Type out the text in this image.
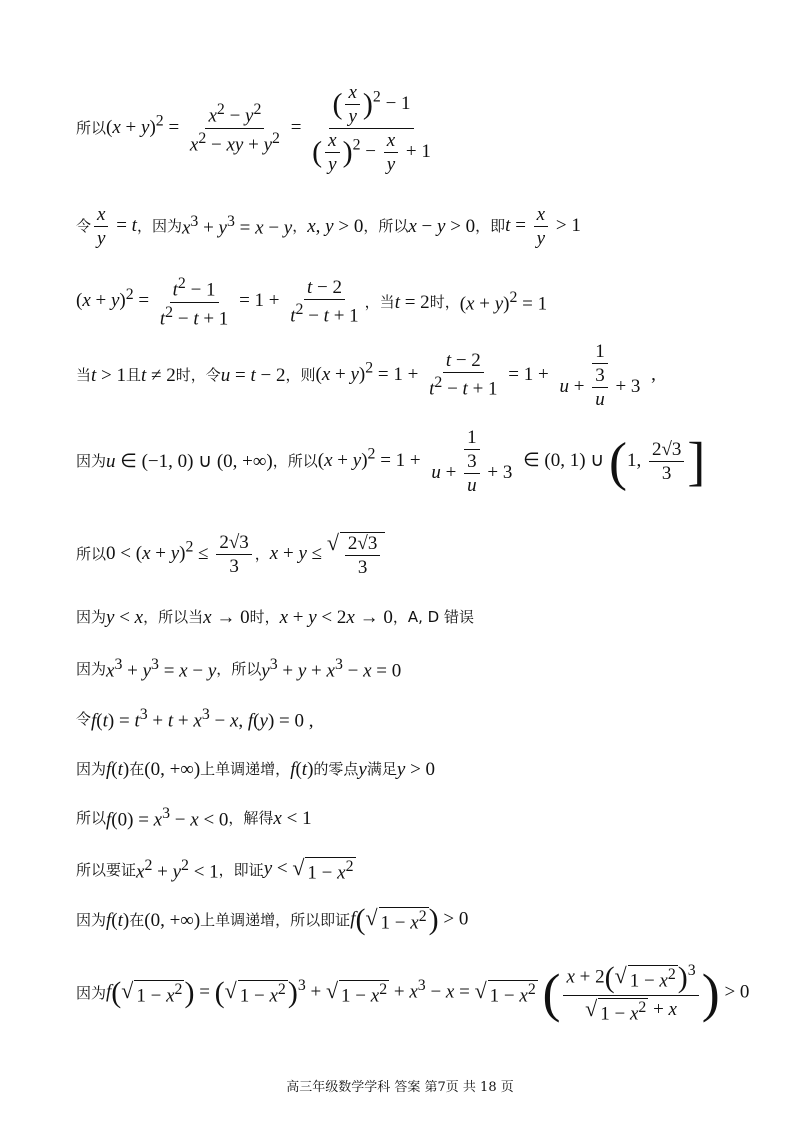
所以 $(x + y)^2 = \frac{x^2 - y^2}{x^2 - xy + y^2} = \frac{( \frac{x}{y} )^2 - 1}{( \frac{x}{y} )^2 - \frac{x}{y} + 1}$
令 $\frac{x}{y} = t$ ，因为 $x^3 + y^3 = x - y$ ， x, y > 0 ，所以 x − y > 0 ，即 $t = \frac{x}{y} > 1$
$(x + y)^2 = \frac{t^2 - 1}{t^2 - t + 1} = 1 + \frac{t - 2}{t^2 - t + 1}$ ，当 t = 2 时， $(x + y)^2 = 1$
当 t > 1 且 t ≠ 2 时，令 u = t − 2 ，则 $(x + y)^2 = 1 + \frac{t - 2}{t^2 - t + 1} = 1 + \frac{1}{u + \frac{3}{u} + 3}$ ,
因为 u ∈ (−1, 0) ∪ (0, +∞) ，所以 $(x + y)^2 = 1 + \frac{1}{u + \frac{3}{u} + 3}$ ∈ (0, 1) ∪ (1, $\frac{2√3}{3}$ ]
所以 $0 < (x + y)^2 \le \frac{2√3}{3}$ ， x + y ≤ √ $\frac{2√3}{3}$
因为 y < x ，所以当 x → 0 时， x + y < 2x → 0 ，A, D 错误
因为 $x^3 + y^3 = x - y$ ，所以 $y^3 + y + x^3 - x = 0$
令 $f(t) = t^3 + t + x^3 - x$, f(y) = 0 ,
因为 f(t) 在 (0, +∞) 上单调递增， f(t) 的零点 y 满足 y > 0
所以 $f(0) = x^3 - x < 0$ ，解得 x < 1
所以要证 $x^2 + y^2 < 1$ ，即证 y < √ $1 - x^2$
因为 f(t) 在 (0, +∞) 上单调递增，所以即证 f( √ $1 - x^2$ ) > 0
因为 f( √ $1 - x^2$ ) = ( √ $1 - x^2$ )$^3$ + √ $1 - x^2 + x^3 - x$ = √ $1 - x^2$ ( $\frac{x + 2( √ 1 - x^2 )^3}{√ 1 - x^2 + x}$ ) > 0
高三年级数学学科 答案 第7页 共 18 页
